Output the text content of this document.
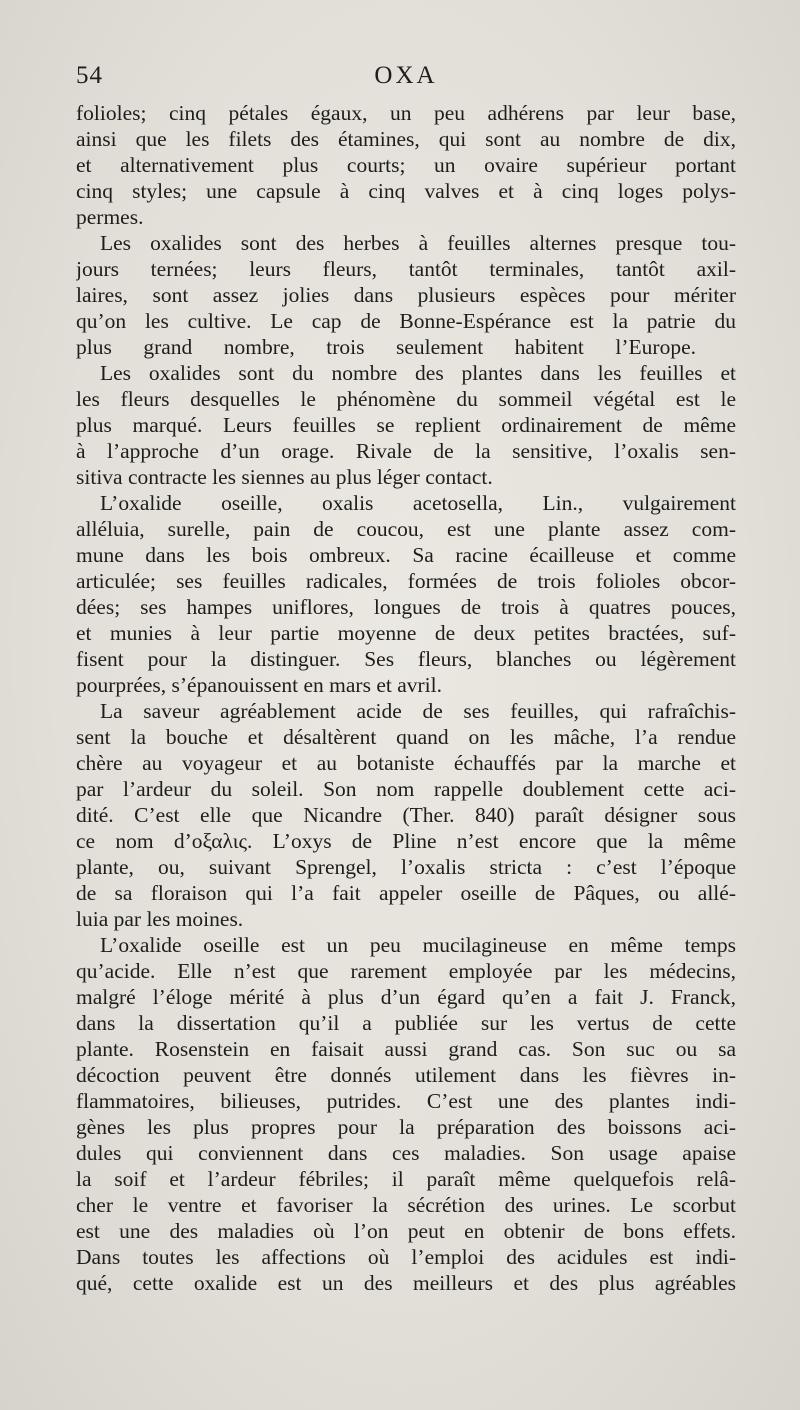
54	OXA
folioles; cinq pétales égaux, un peu adhérens par leur base,
ainsi que les filets des étamines, qui sont au nombre de dix,
et alternativement plus courts; un ovaire supérieur portant
cinq styles; une capsule à cinq valves et à cinq loges polys-
permes.
Les oxalides sont des herbes à feuilles alternes presque tou-
jours ternées; leurs fleurs, tantôt terminales, tantôt axil-
laires, sont assez jolies dans plusieurs espèces pour mériter
qu’on les cultive. Le cap de Bonne-Espérance est la patrie du
plus grand nombre, trois seulement habitent l’Europe.
Les oxalides sont du nombre des plantes dans les feuilles et
les fleurs desquelles le phénomène du sommeil végétal est le
plus marqué. Leurs feuilles se replient ordinairement de même
à l’approche d’un orage. Rivale de la sensitive, l’oxalis sen-
sitiva contracte les siennes au plus léger contact.
L’oxalide oseille, oxalis acetosella, Lin., vulgairement
alléluia, surelle, pain de coucou, est une plante assez com-
mune dans les bois ombreux. Sa racine écailleuse et comme
articulée; ses feuilles radicales, formées de trois folioles obcor-
dées; ses hampes uniflores, longues de trois à quatres pouces,
et munies à leur partie moyenne de deux petites bractées, suf-
fisent pour la distinguer. Ses fleurs, blanches ou légèrement
pourprées, s’épanouissent en mars et avril.
La saveur agréablement acide de ses feuilles, qui rafraîchis-
sent la bouche et désaltèrent quand on les mâche, l’a rendue
chère au voyageur et au botaniste échauffés par la marche et
par l’ardeur du soleil. Son nom rappelle doublement cette aci-
dité. C’est elle que Nicandre (Ther. 840) paraît désigner sous
ce nom d’οξαλις. L’oxys de Pline n’est encore que la même
plante, ou, suivant Sprengel, l’oxalis stricta : c’est l’époque
de sa floraison qui l’a fait appeler oseille de Pâques, ou allé-
luia par les moines.
L’oxalide oseille est un peu mucilagineuse en même temps
qu’acide. Elle n’est que rarement employée par les médecins,
malgré l’éloge mérité à plus d’un égard qu’en a fait J. Franck,
dans la dissertation qu’il a publiée sur les vertus de cette
plante. Rosenstein en faisait aussi grand cas. Son suc ou sa
décoction peuvent être donnés utilement dans les fièvres in-
flammatoires, bilieuses, putrides. C’est une des plantes indi-
gènes les plus propres pour la préparation des boissons aci-
dules qui conviennent dans ces maladies. Son usage apaise
la soif et l’ardeur fébriles; il paraît même quelquefois relâ-
cher le ventre et favoriser la sécrétion des urines. Le scorbut
est une des maladies où l’on peut en obtenir de bons effets.
Dans toutes les affections où l’emploi des acidules est indi-
qué, cette oxalide est un des meilleurs et des plus agréables
